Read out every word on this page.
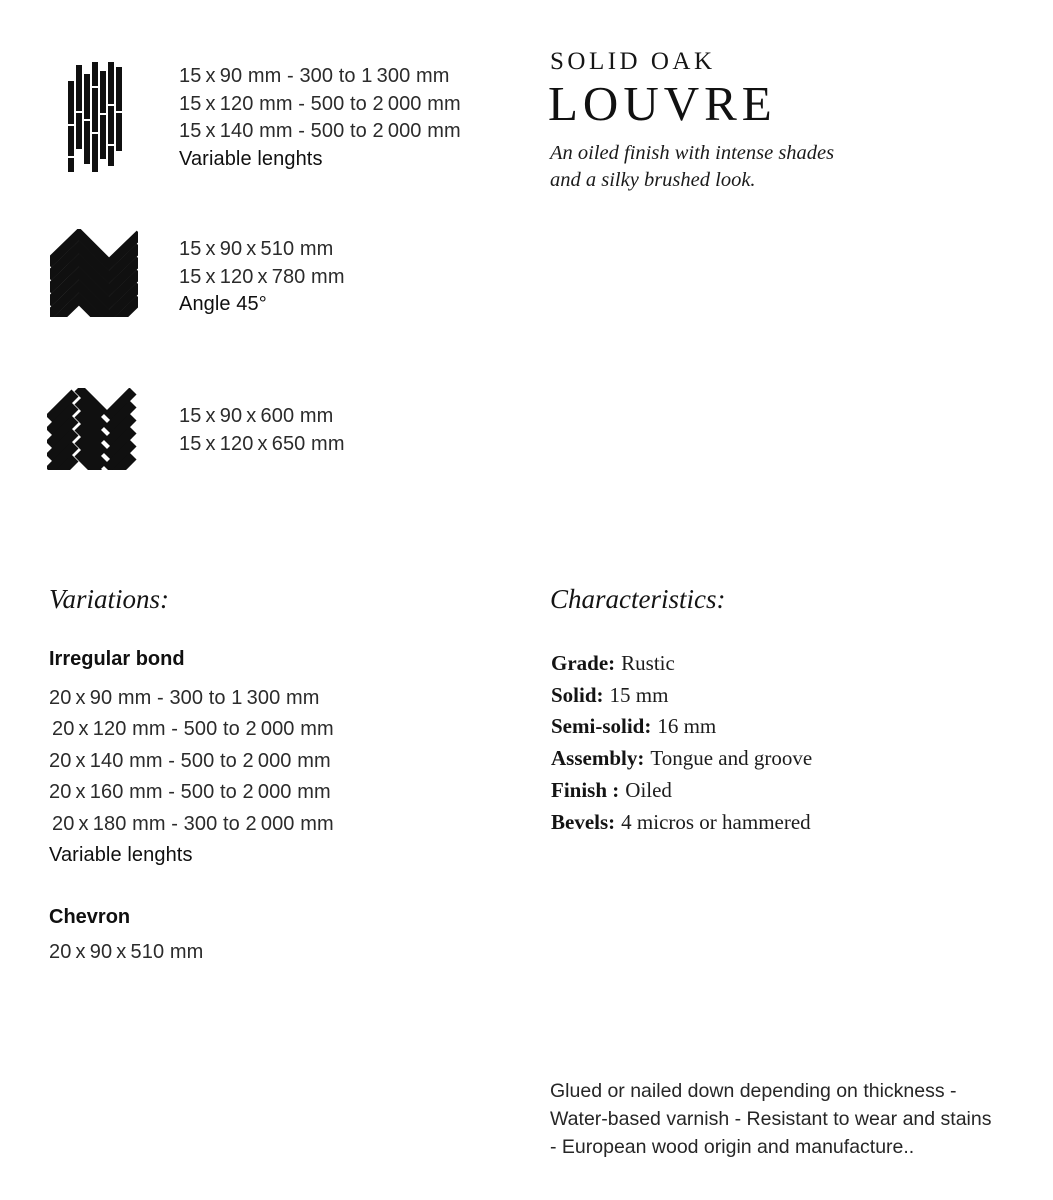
15 x 90 mm - 300 to 1 300 mm
15 x 120 mm - 500 to 2 000 mm
15 x 140 mm - 500 to 2 000 mm
Variable lenghts
15 x 90 x 510 mm
15 x 120 x 780 mm
Angle 45°
15 x 90 x 600 mm
15 x 120 x 650 mm
SOLID OAK
LOUVRE
An oiled finish with intense shades
and a silky brushed look.
Variations:
Irregular bond
20 x 90 mm - 300 to 1 300 mm
20 x 120 mm - 500 to 2 000 mm
20 x 140 mm - 500 to 2 000 mm
20 x 160 mm - 500 to 2 000 mm
20 x 180 mm - 300 to 2 000 mm
Variable lenghts
Chevron
20 x 90 x 510 mm
Characteristics:
Grade: Rustic
Solid: 15 mm
Semi-solid: 16 mm
Assembly: Tongue and groove
Finish : Oiled
Bevels: 4 micros or hammered
Glued or nailed down depending on thickness -
Water-based varnish - Resistant to wear and stains
- European wood origin and manufacture..
